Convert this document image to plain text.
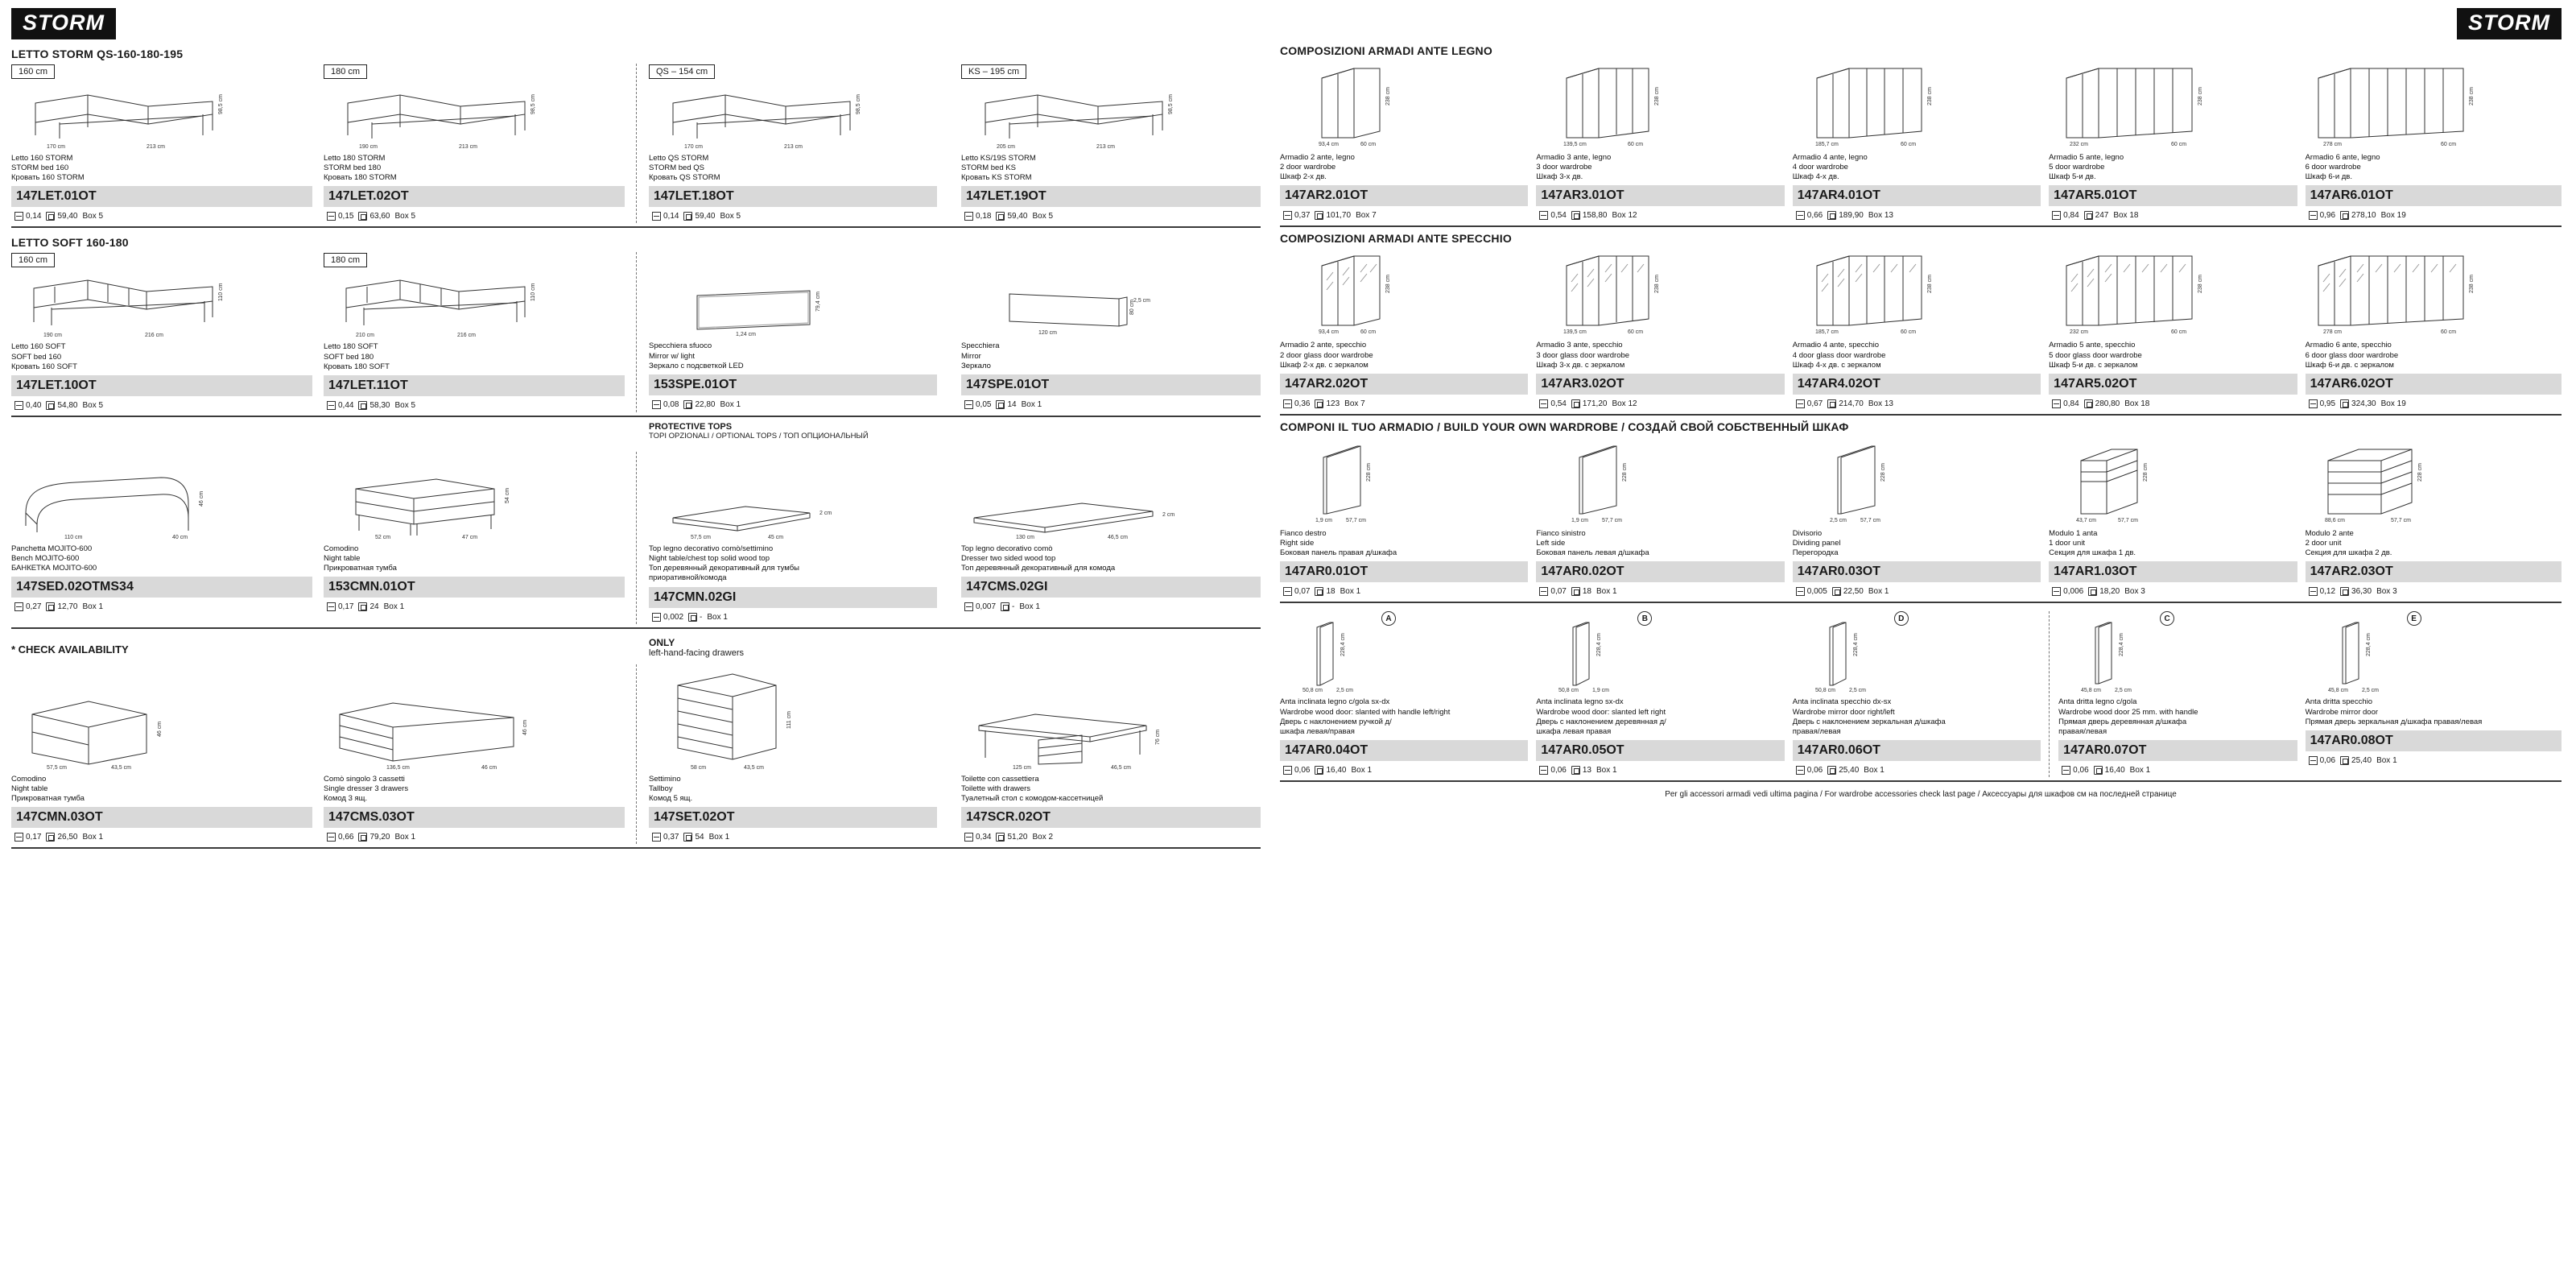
STORM
LETTO STORM QS-160-180-195
160 cm
170 cm	213 cm
98,5 cm
Letto 160 STORM
STORM bed 160
Кровать 160 STORM
147LET.01OT
0,14 59,40 Box 5
180 cm
190 cm	213 cm
98,5 cm
Letto 180 STORM
STORM bed 180
Кровать 180 STORM
147LET.02OT
0,15 63,60 Box 5
QS – 154 cm
170 cm	213 cm
98,5 cm
Letto QS STORM
STORM bed QS
Кровать QS STORM
147LET.18OT
0,14 59,40 Box 5
KS – 195 cm
205 cm	213 cm
98,5 cm
Letto KS/19S STORM
STORM bed KS
Кровать KS STORM
147LET.19OT
0,18 59,40 Box 5
LETTO SOFT 160-180
160 cm
190 cm	216 cm
110 cm
Letto 160 SOFT
SOFT bed 160
Кровать 160 SOFT
147LET.10OT
0,40 54,80 Box 5
180 cm
210 cm	216 cm
110 cm
Letto 180 SOFT
SOFT bed 180
Кровать 180 SOFT
147LET.11OT
0,44 58,30 Box 5
1,24 cm
79,4 cm
Specchiera sfuoco
Mirror w/ light
Зеркало с подсветкой LED
153SPE.01OT
0,08 22,80 Box 1
120 cm
80 cm
2,5 cm
Specchiera
Mirror
Зеркало
147SPE.01OT
0,05 14 Box 1
PROTECTIVE TOPS
TOPI OPZIONALI / OPTIONAL TOPS / ТОП ОПЦИОНАЛЬНЫЙ
110 cm	40 cm
46 cm
Panchetta MOJITO-600
Bench MOJITO-600
БАНКЕТКА MOJITO-600
147SED.02OTMS34
0,27 12,70 Box 1
52 cm	47 cm
54 cm
Comodino
Night table
Прикроватная тумба
153CMN.01OT
0,17 24 Box 1
57,5 cm	45 cm
2 cm
Top legno decorativo comò/settimino
Night table/chest top solid wood top
Топ деревянный декоративный для тумбы
приоративной/комода
147CMN.02GI
0,002 - Box 1
130 cm	46,5 cm
2 cm
Top legno decorativo comò
Dresser two sided wood top
Топ деревянный декоративный для комода
147CMS.02GI
0,007 - Box 1
* CHECK AVAILABILITY
ONLY
left-hand-facing drawers
57,5 cm	43,5 cm
46 cm
Comodino
Night table
Прикроватная тумба
147CMN.03OT
0,17 26,50 Box 1
136,5 cm	46 cm
46 cm
Comò singolo 3 cassetti
Single dresser 3 drawers
Комод 3 ящ.
147CMS.03OT
0,66 79,20 Box 1
58 cm	43,5 cm
111 cm
Settimino
Tallboy
Комод 5 ящ.
147SET.02OT
0,37 54 Box 1
125 cm	46,5 cm
76 cm
Toilette con cassettiera
Toilette with drawers
Туалетный стол с комодом-кассетницей
147SCR.02OT
0,34 51,20 Box 2
STORM
COMPOSIZIONI ARMADI ANTE LEGNO
93,4 cm	60 cm
238 cm
Armadio 2 ante, legno
2 door wardrobe
Шкаф 2-х дв.
147AR2.01OT
0,37 101,70 Box 7
139,5 cm	60 cm
238 cm
Armadio 3 ante, legno
3 door wardrobe
Шкаф 3-х дв.
147AR3.01OT
0,54 158,80 Box 12
185,7 cm	60 cm
238 cm
Armadio 4 ante, legno
4 door wardrobe
Шкаф 4-х дв.
147AR4.01OT
0,66 189,90 Box 13
232 cm	60 cm
238 cm
Armadio 5 ante, legno
5 door wardrobe
Шкаф 5-и дв.
147AR5.01OT
0,84 247 Box 18
278 cm	60 cm
238 cm
Armadio 6 ante, legno
6 door wardrobe
Шкаф 6-и дв.
147AR6.01OT
0,96 278,10 Box 19
COMPOSIZIONI ARMADI ANTE SPECCHIO
93,4 cm	60 cm
238 cm
Armadio 2 ante, specchio
2 door glass door wardrobe
Шкаф 2-х дв. с зеркалом
147AR2.02OT
0,36 123 Box 7
139,5 cm	60 cm
238 cm
Armadio 3 ante, specchio
3 door glass door wardrobe
Шкаф 3-х дв. с зеркалом
147AR3.02OT
0,54 171,20 Box 12
185,7 cm	60 cm
238 cm
Armadio 4 ante, specchio
4 door glass door wardrobe
Шкаф 4-х дв. с зеркалом
147AR4.02OT
0,67 214,70 Box 13
232 cm	60 cm
238 cm
Armadio 5 ante, specchio
5 door glass door wardrobe
Шкаф 5-и дв. с зеркалом
147AR5.02OT
0,84 280,80 Box 18
278 cm	60 cm
238 cm
Armadio 6 ante, specchio
6 door glass door wardrobe
Шкаф 6-и дв. с зеркалом
147AR6.02OT
0,95 324,30 Box 19
COMPONI IL TUO ARMADIO / BUILD YOUR OWN WARDROBE / СОЗДАЙ СВОЙ СОБСТВЕННЫЙ ШКАФ
1,9 cm 57,7 cm
228 cm
Fianco destro
Right side
Боковая панель правая д/шкафа
147AR0.01OT
0,07 18 Box 1
1,9 cm 57,7 cm
228 cm
Fianco sinistro
Left side
Боковая панель левая д/шкафа
147AR0.02OT
0,07 18 Box 1
2,5 cm 57,7 cm
228 cm
Divisorio
Dividing panel
Перегородка
147AR0.03OT
0,005 22,50 Box 1
43,7 cm	57,7 cm
228 cm
Modulo 1 anta
1 door unit
Секция для шкафа 1 дв.
147AR1.03OT
0,006 18,20 Box 3
88,6 cm	57,7 cm
228 cm
Modulo 2 ante
2 door unit
Секция для шкафа 2 дв.
147AR2.03OT
0,12 36,30 Box 3
50,8 cm 2,5 cm
228,4 cm
A
Anta inclinata legno c/gola sx-dx
Wardrobe wood door: slanted with handle left/right
Дверь с наклонением ручкой д/
шкафа левая/правая
147AR0.04OT
0,06 16,40 Box 1
50,8 cm 1,9 cm
228,4 cm
B
Anta inclinata legno sx-dx
Wardrobe wood door: slanted left right
Дверь с наклонением деревянная д/
шкафа левая правая
147AR0.05OT
0,06 13 Box 1
50,8 cm 2,5 cm
228,4 cm
D
Anta inclinata specchio dx-sx
Wardrobe mirror door right/left
Дверь с наклонением зеркальная д/шкафа
правая/левая
147AR0.06OT
0,06 25,40 Box 1
45,8 cm 2,5 cm
228,4 cm
C
Anta dritta legno c/gola
Wardrobe wood door 25 mm. with handle
Прямая дверь деревянная д/шкафа
правая/левая
147AR0.07OT
0,06 16,40 Box 1
45,8 cm 2,5 cm
228,4 cm
E
Anta dritta specchio
Wardrobe mirror door
Прямая дверь зеркальная д/шкафа правая/левая
147AR0.08OT
0,06 25,40 Box 1
Per gli accessori armadi vedi ultima pagina / For wardrobe accessories check last page / Аксессуары для шкафов см на последней странице
